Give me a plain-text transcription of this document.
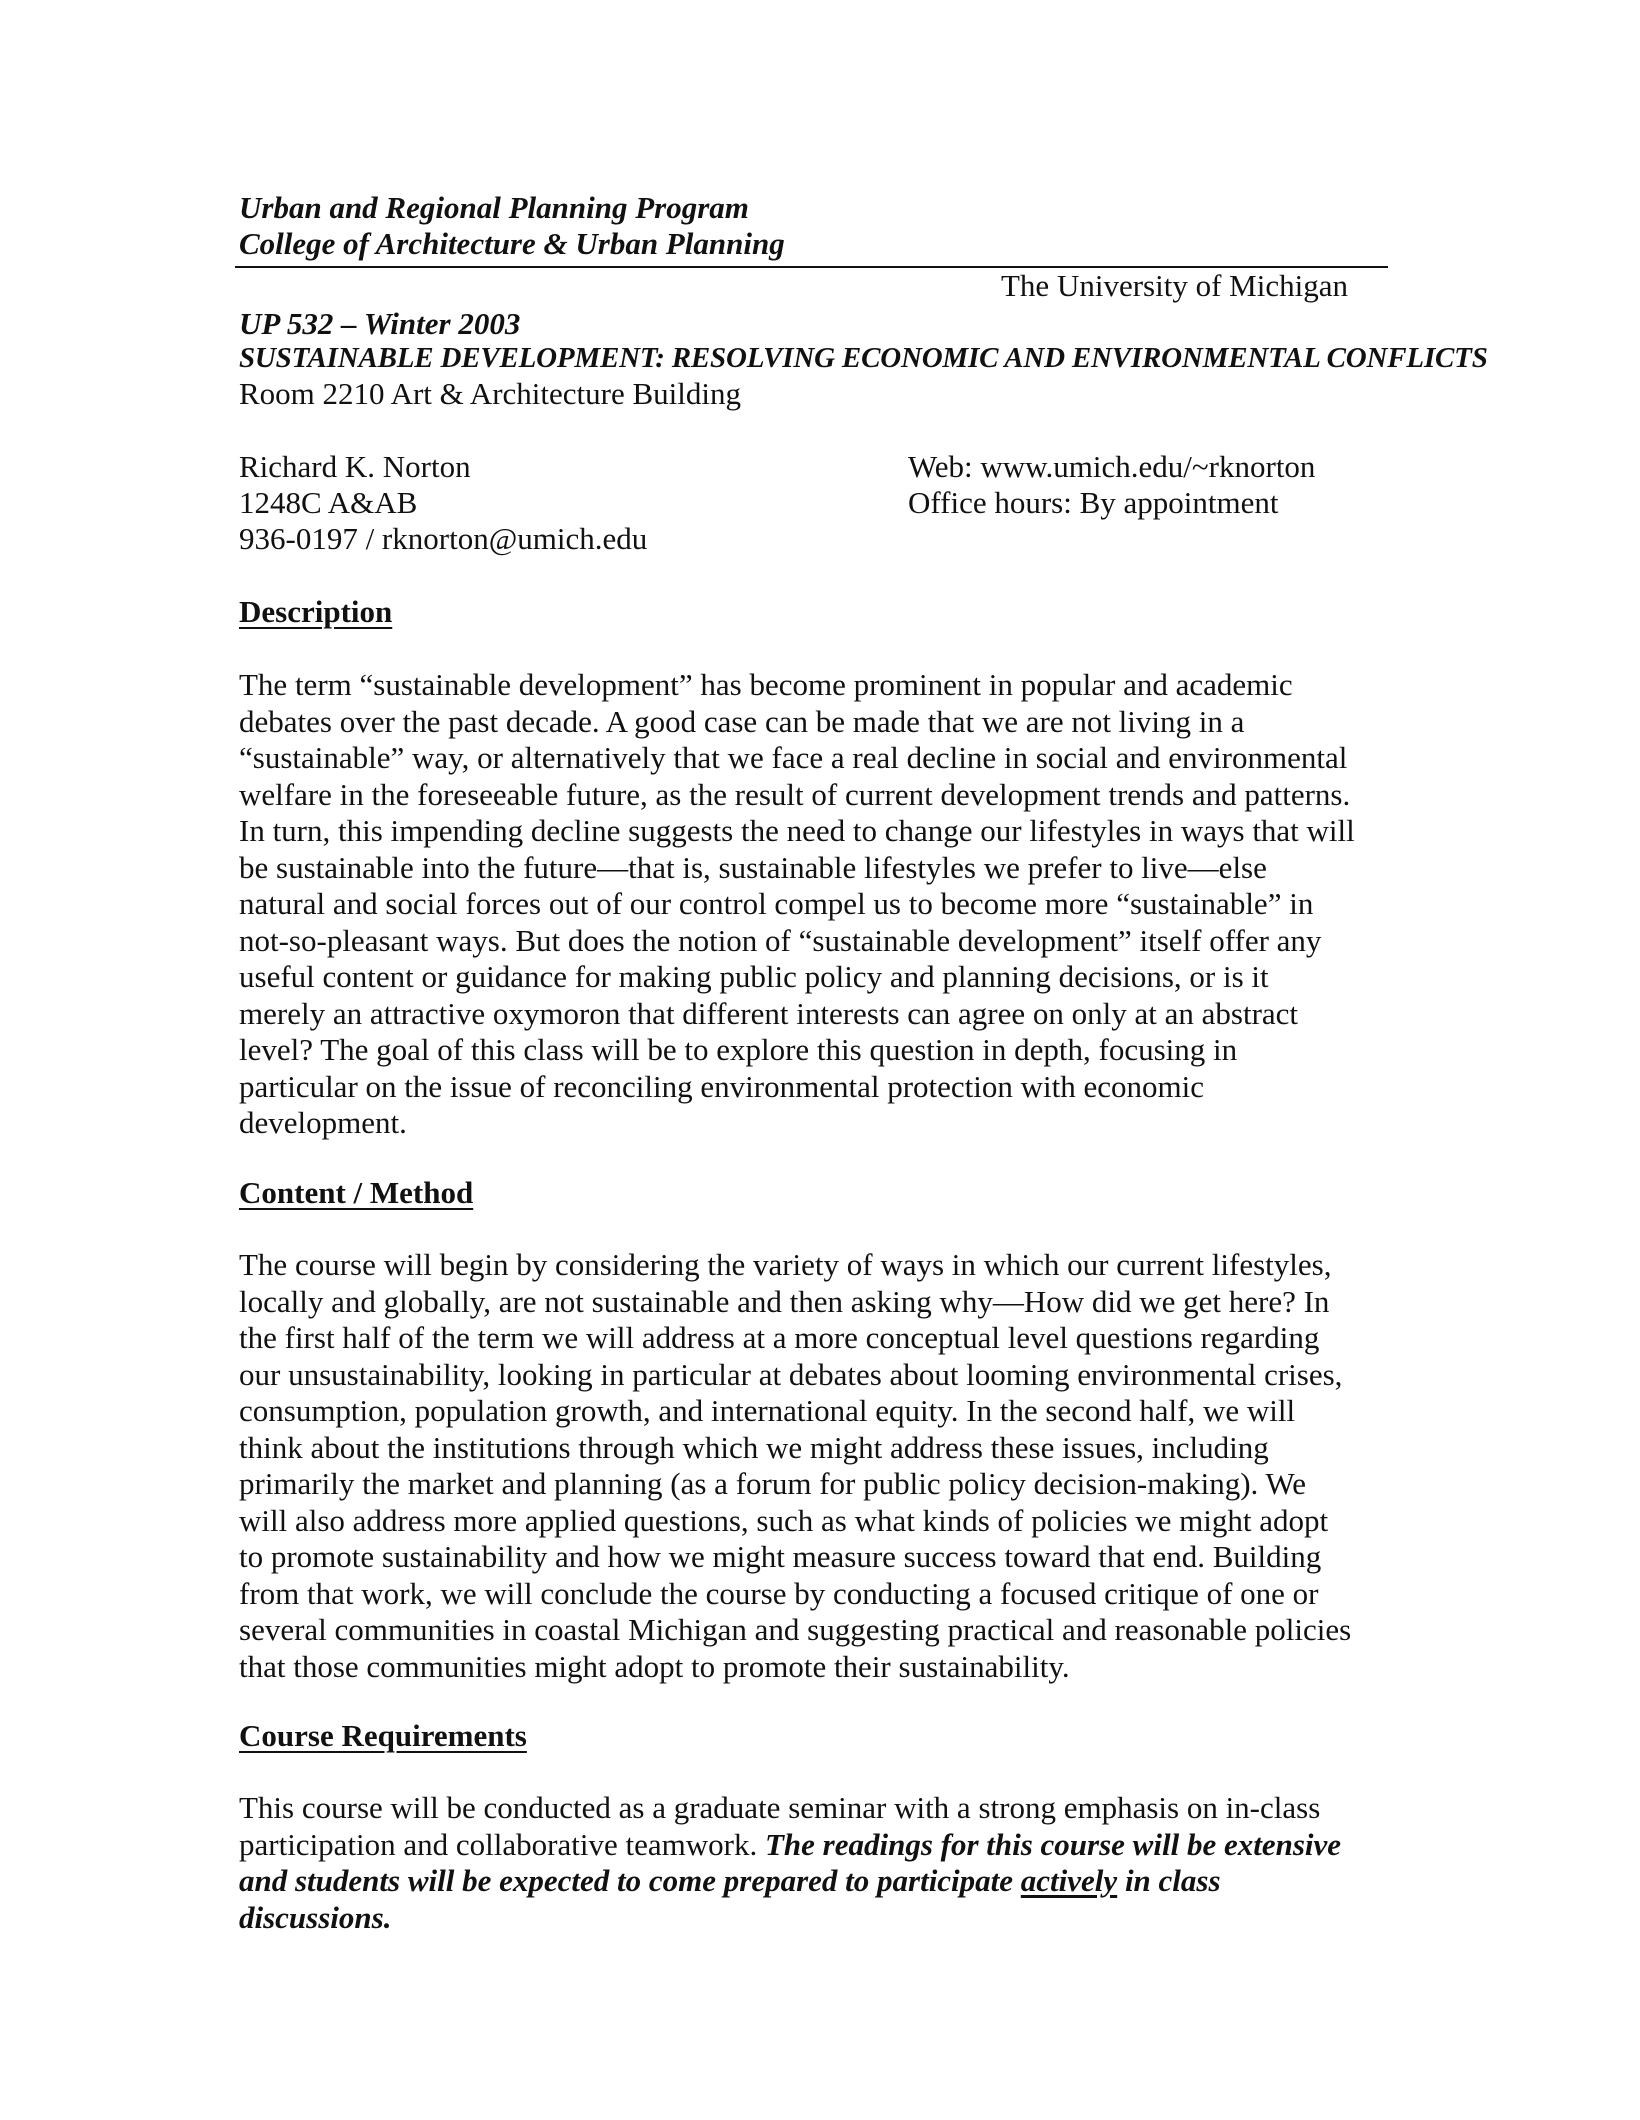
Urban and Regional Planning Program
College of Architecture & Urban Planning
The University of Michigan
UP 532 – Winter 2003
SUSTAINABLE DEVELOPMENT: RESOLVING ECONOMIC AND ENVIRONMENTAL CONFLICTS
Room 2210 Art & Architecture Building
Richard K. Norton
1248C A&AB
936-0197 / rknorton@umich.edu
Web: www.umich.edu/~rknorton
Office hours: By appointment
Description
The term “sustainable development” has become prominent in popular and academic
debates over the past decade. A good case can be made that we are not living in a
“sustainable” way, or alternatively that we face a real decline in social and environmental
welfare in the foreseeable future, as the result of current development trends and patterns.
In turn, this impending decline suggests the need to change our lifestyles in ways that will
be sustainable into the future—that is, sustainable lifestyles we prefer to live—else
natural and social forces out of our control compel us to become more “sustainable” in
not-so-pleasant ways. But does the notion of “sustainable development” itself offer any
useful content or guidance for making public policy and planning decisions, or is it
merely an attractive oxymoron that different interests can agree on only at an abstract
level? The goal of this class will be to explore this question in depth, focusing in
particular on the issue of reconciling environmental protection with economic
development.
Content / Method
The course will begin by considering the variety of ways in which our current lifestyles,
locally and globally, are not sustainable and then asking why—How did we get here? In
the first half of the term we will address at a more conceptual level questions regarding
our unsustainability, looking in particular at debates about looming environmental crises,
consumption, population growth, and international equity. In the second half, we will
think about the institutions through which we might address these issues, including
primarily the market and planning (as a forum for public policy decision-making). We
will also address more applied questions, such as what kinds of policies we might adopt
to promote sustainability and how we might measure success toward that end. Building
from that work, we will conclude the course by conducting a focused critique of one or
several communities in coastal Michigan and suggesting practical and reasonable policies
that those communities might adopt to promote their sustainability.
Course Requirements
This course will be conducted as a graduate seminar with a strong emphasis on in-class
participation and collaborative teamwork. The readings for this course will be extensive
and students will be expected to come prepared to participate actively in class
discussions.
